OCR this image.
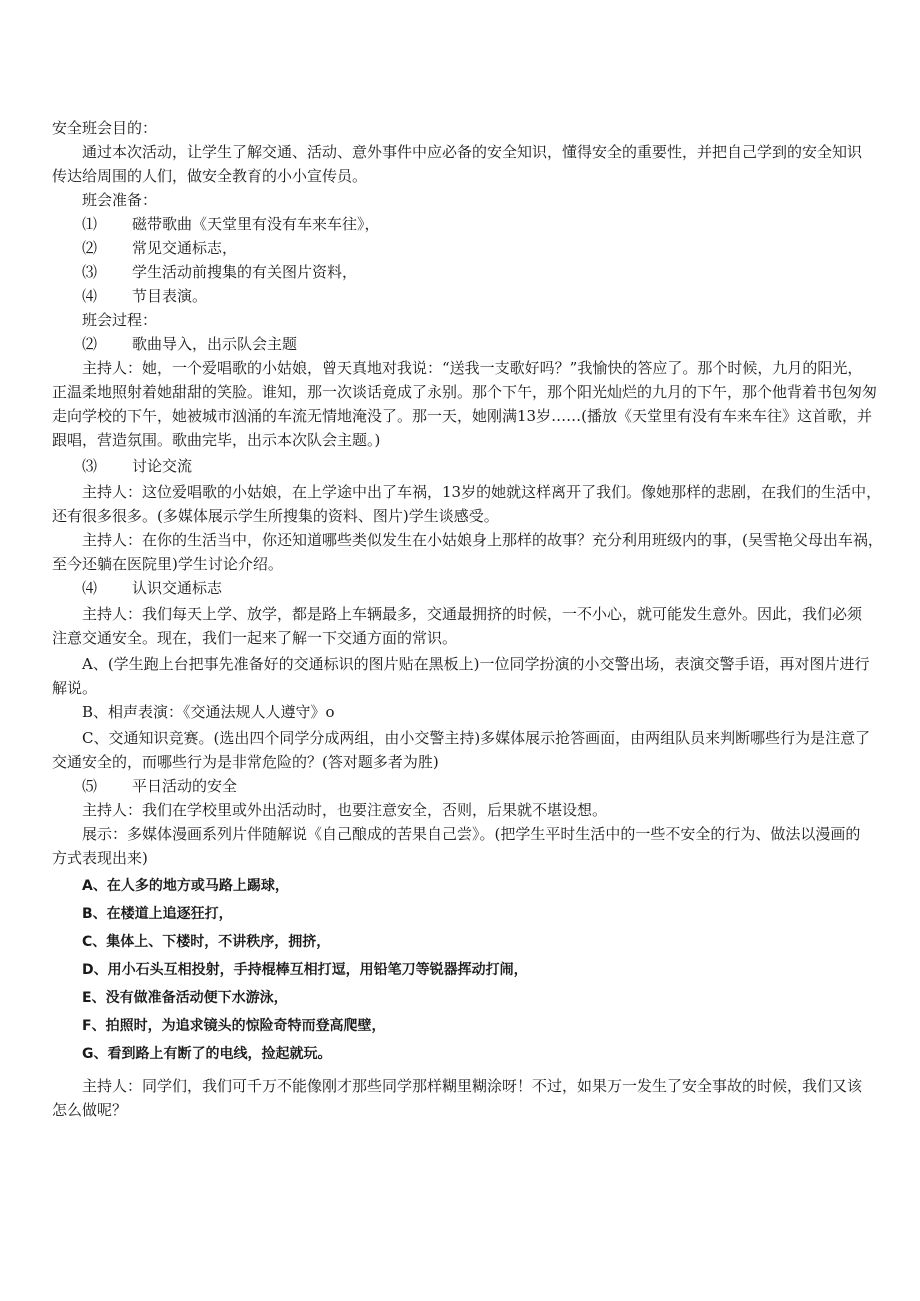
安全班会目的：
通过本次活动，让学生了解交通、活动、意外事件中应必备的安全知识，懂得安全的重要性，并把自己学到的安全知识
传达给周围的人们，做安全教育的小小宣传员。
班会准备：
⑴ 磁带歌曲《天堂里有没有车来车往》，
⑵ 常见交通标志，
⑶ 学生活动前搜集的有关图片资料，
⑷ 节目表演。
班会过程：
⑵ 歌曲导入，出示队会主题
主持人：她，一个爱唱歌的小姑娘，曾天真地对我说：“送我一支歌好吗？”我愉快的答应了。那个时候，九月的阳光，
正温柔地照射着她甜甜的笑脸。谁知，那一次谈话竟成了永别。那个下午，那个阳光灿烂的九月的下午，那个他背着书包匆匆
走向学校的下午，她被城市汹涌的车流无情地淹没了。那一天，她刚满13岁……(播放《天堂里有没有车来车往》这首歌，并
跟唱，营造氛围。歌曲完毕，出示本次队会主题。)
⑶ 讨论交流
主持人：这位爱唱歌的小姑娘，在上学途中出了车祸，13岁的她就这样离开了我们。像她那样的悲剧，在我们的生活中，
还有很多很多。(多媒体展示学生所搜集的资料、图片)学生谈感受。
主持人：在你的生活当中，你还知道哪些类似发生在小姑娘身上那样的故事？充分利用班级内的事，(吴雪艳父母出车祸，
至今还躺在医院里)学生讨论介绍。
⑷ 认识交通标志
主持人：我们每天上学、放学，都是路上车辆最多，交通最拥挤的时候，一不小心，就可能发生意外。因此，我们必须
注意交通安全。现在，我们一起来了解一下交通方面的常识。
A、(学生跑上台把事先准备好的交通标识的图片贴在黑板上)一位同学扮演的小交警出场，表演交警手语，再对图片进行
解说。
B、相声表演：《交通法规人人遵守》o
C、交通知识竞赛。(选出四个同学分成两组，由小交警主持)多媒体展示抢答画面，由两组队员来判断哪些行为是注意了
交通安全的，而哪些行为是非常危险的？(答对题多者为胜)
⑸ 平日活动的安全
主持人：我们在学校里或外出活动时，也要注意安全，否则，后果就不堪设想。
展示：多媒体漫画系列片伴随解说《自己酿成的苦果自己尝》。(把学生平时生活中的一些不安全的行为、做法以漫画的
方式表现出来)
A、在人多的地方或马路上踢球，
B、在楼道上追逐狂打，
C、集体上、下楼时，不讲秩序，拥挤，
D、用小石头互相投射，手持棍棒互相打逗，用铅笔刀等锐器挥动打闹，
E、没有做准备活动便下水游泳，
F、拍照时，为追求镜头的惊险奇特而登高爬壁，
G、看到路上有断了的电线，捡起就玩。
主持人：同学们，我们可千万不能像刚才那些同学那样糊里糊涂呀！不过，如果万一发生了安全事故的时候，我们又该
怎么做呢？
